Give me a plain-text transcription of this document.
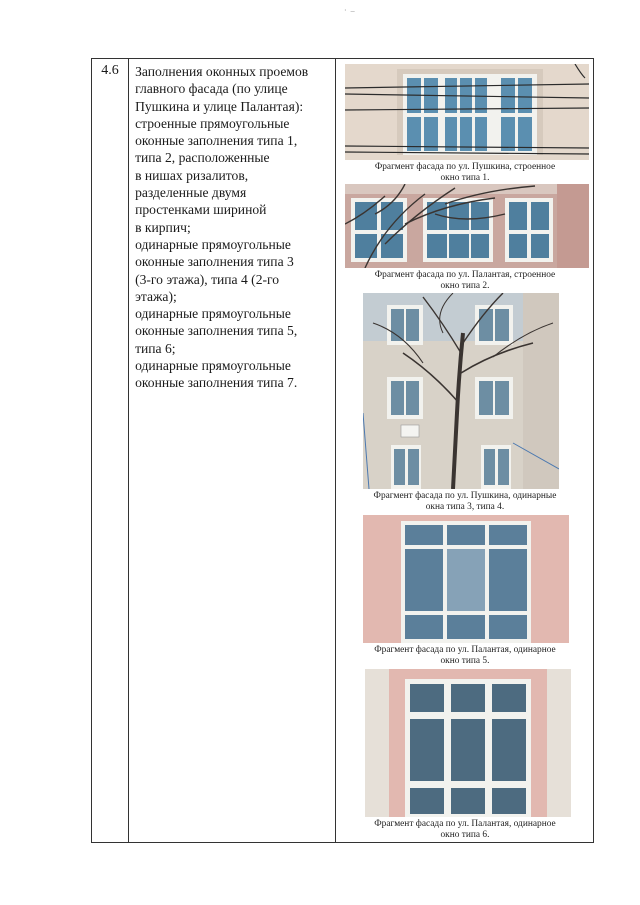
· –
4.6	Заполнения оконных проемов
главного фасада (по улице
Пушкина и улице Палантая):
строенные прямоугольные
оконные заполнения типа 1,
типа 2, расположенные
в нишах ризалитов,
разделенные двумя
простенками шириной
в кирпич;
одинарные прямоугольные
оконные заполнения типа 3
(3-го этажа), типа 4 (2-го
этажа);
одинарные прямоугольные
оконные заполнения типа 5,
типа 6;
одинарные прямоугольные
оконные заполнения типа 7.

Фрагмент фасада по ул. Пушкина, строенное
окно типа 1.
Фрагмент фасада по ул. Палантая, строенное
окно типа 2.
Фрагмент фасада по ул. Пушкина, одинарные
окна типа 3, типа 4.
Фрагмент фасада по ул. Палантая, одинарное
окно типа 5.
Фрагмент фасада по ул. Палантая, одинарное
окно типа 6.
